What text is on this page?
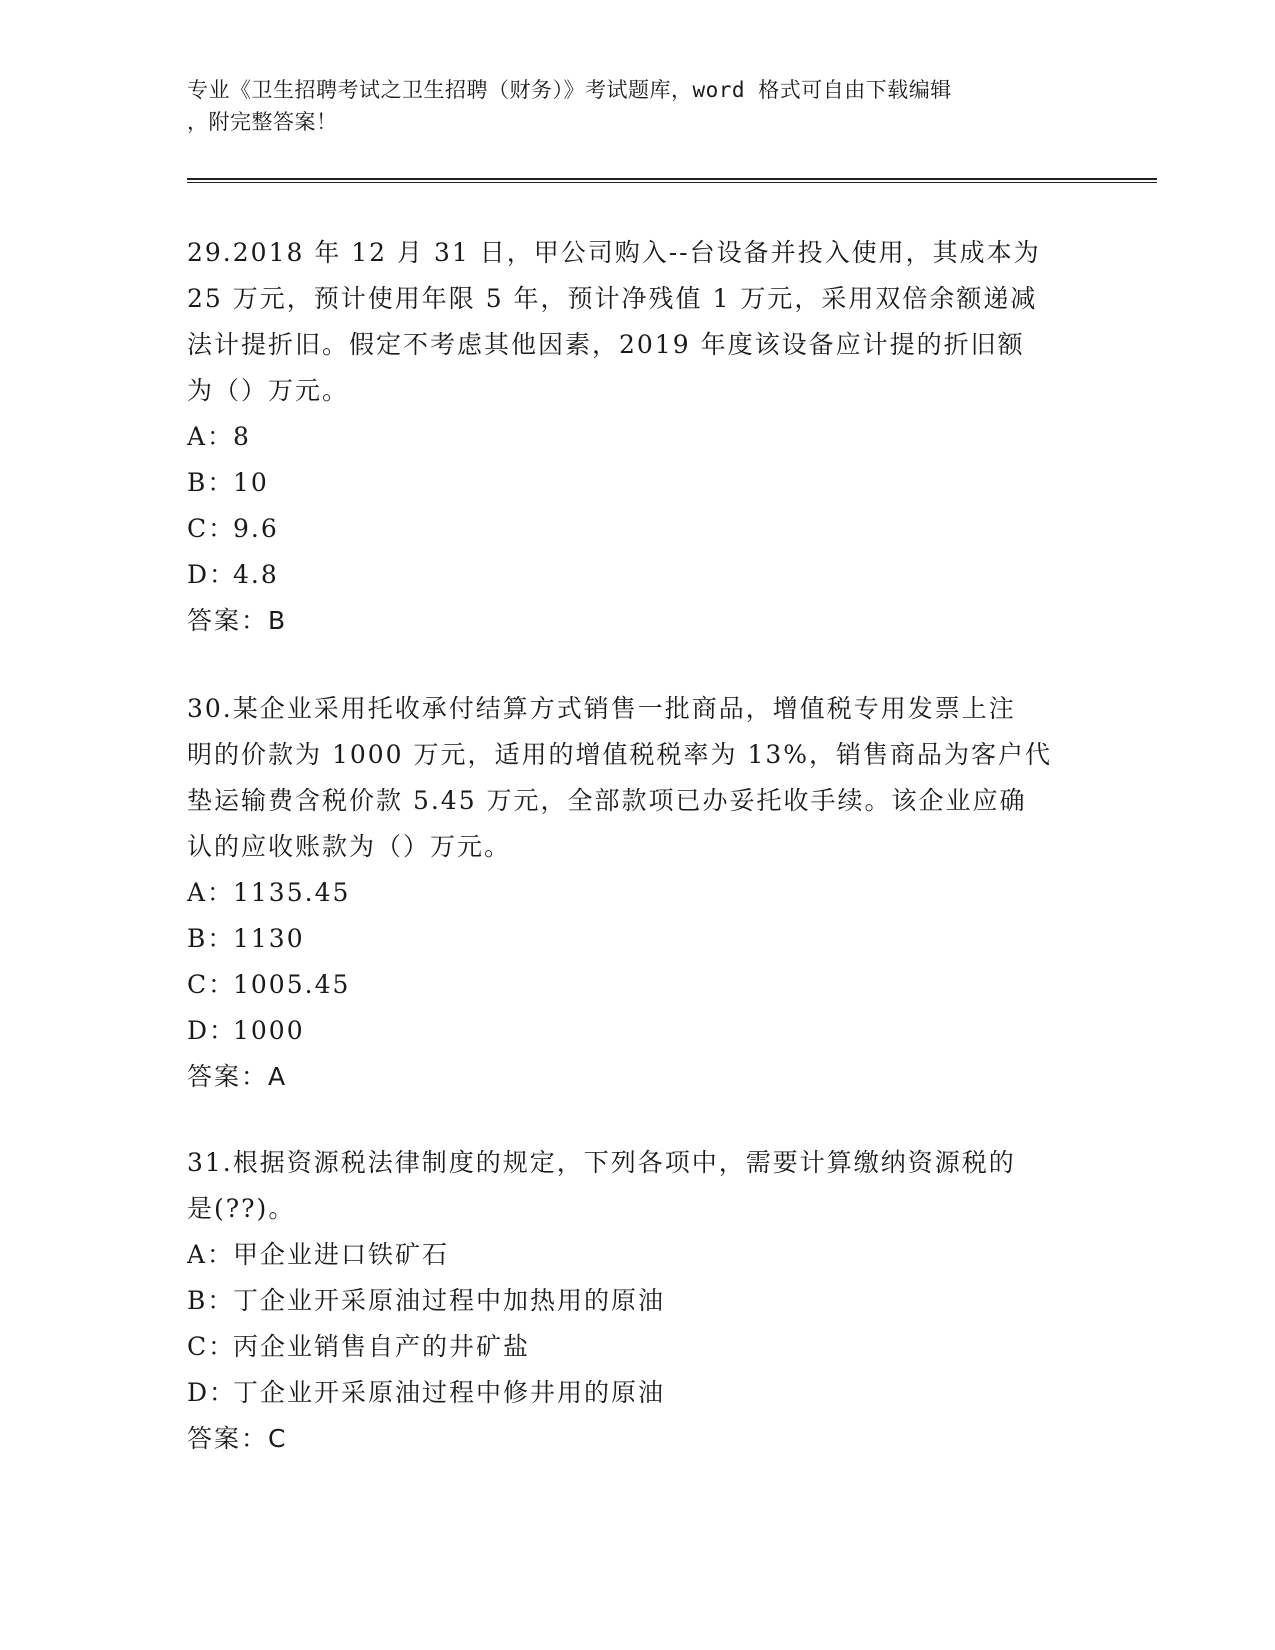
专业《卫生招聘考试之卫生招聘（财务）》考试题库，word 格式可自由下载编辑
，附完整答案！

29.2018 年 12 月 31 日，甲公司购入--台设备并投入使用，其成本为

25 万元，预计使用年限 5 年，预计净残值 1 万元，采用双倍余额递减

法计提折旧。假定不考虑其他因素，2019 年度该设备应计提的折旧额

为（）万元。

A：8

B：10

C：9.6

D：4.8

答案：B

30.某企业采用托收承付结算方式销售一批商品，增值税专用发票上注

明的价款为 1000 万元，适用的增值税税率为 13%，销售商品为客户代

垫运输费含税价款 5.45 万元，全部款项已办妥托收手续。该企业应确

认的应收账款为（）万元。

A：1135.45

B：1130

C：1005.45

D：1000

答案：A

31.根据资源税法律制度的规定，下列各项中，需要计算缴纳资源税的

是(??)。

A：甲企业进口铁矿石

B：丁企业开采原油过程中加热用的原油

C：丙企业销售自产的井矿盐

D：丁企业开采原油过程中修井用的原油

答案：C
